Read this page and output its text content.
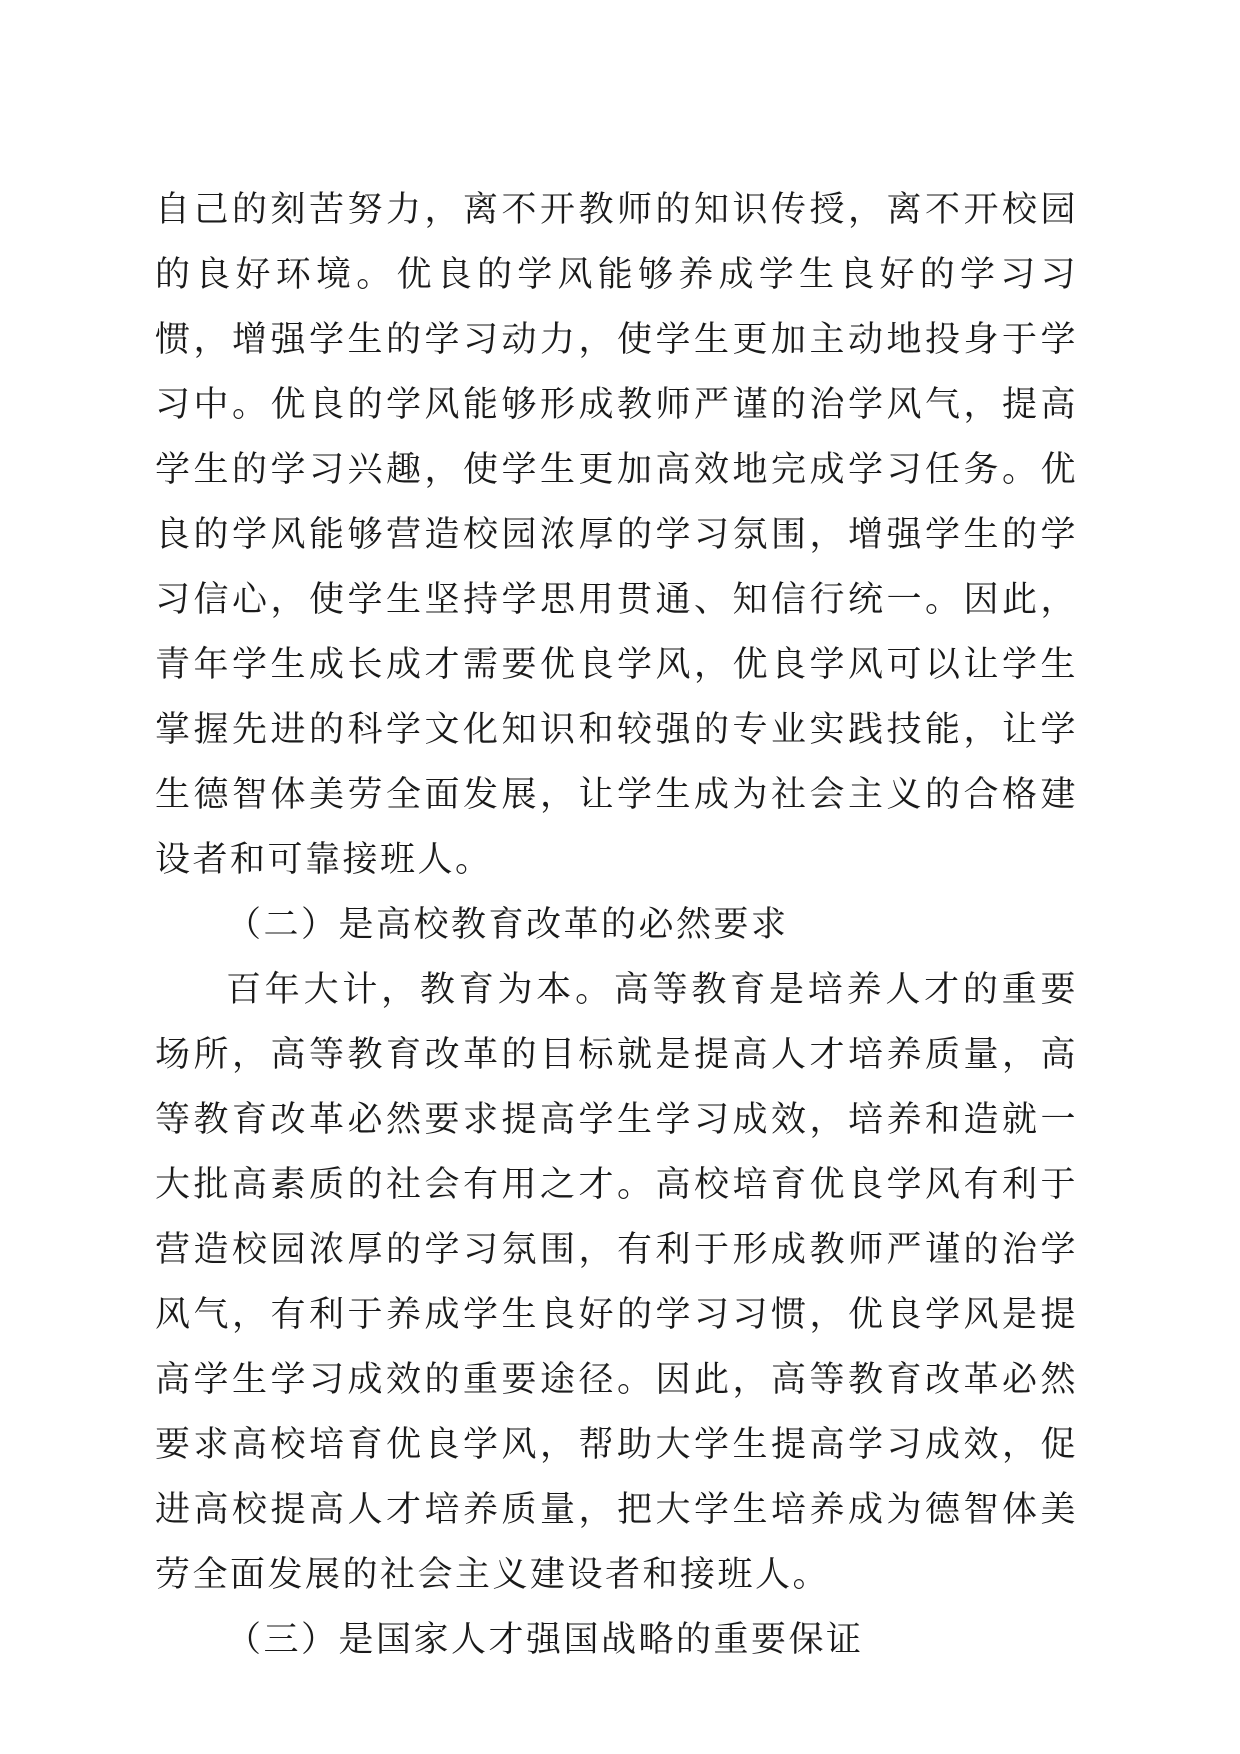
自己的刻苦努力，离不开教师的知识传授，离不开校园的良好环境。优良的学风能够养成学生良好的学习习惯，增强学生的学习动力，使学生更加主动地投身于学习中。优良的学风能够形成教师严谨的治学风气，提高学生的学习兴趣，使学生更加高效地完成学习任务。优良的学风能够营造校园浓厚的学习氛围，增强学生的学习信心，使学生坚持学思用贯通、知信行统一。因此，青年学生成长成才需要优良学风，优良学风可以让学生掌握先进的科学文化知识和较强的专业实践技能，让学生德智体美劳全面发展，让学生成为社会主义的合格建设者和可靠接班人。

（二）是高校教育改革的必然要求

百年大计，教育为本。高等教育是培养人才的重要场所，高等教育改革的目标就是提高人才培养质量，高等教育改革必然要求提高学生学习成效，培养和造就一大批高素质的社会有用之才。高校培育优良学风有利于营造校园浓厚的学习氛围，有利于形成教师严谨的治学风气，有利于养成学生良好的学习习惯，优良学风是提高学生学习成效的重要途径。因此，高等教育改革必然要求高校培育优良学风，帮助大学生提高学习成效，促进高校提高人才培养质量，把大学生培养成为德智体美劳全面发展的社会主义建设者和接班人。

（三）是国家人才强国战略的重要保证
